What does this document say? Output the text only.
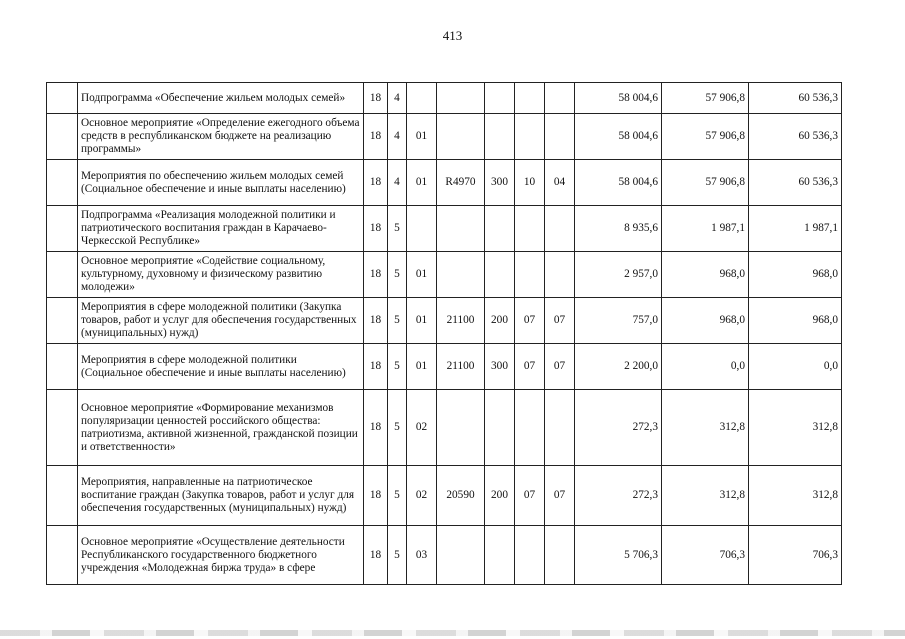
413
	Подпрограмма «Обеспечение жильем молодых семей»	18	4						58 004,6	57 906,8	60 536,3
	Основное мероприятие «Определение ежегодного объема средств в республиканском бюджете на реализацию программы»	18	4	01					58 004,6	57 906,8	60 536,3
	Мероприятия по обеспечению жильем молодых семей (Социальное обеспечение и иные выплаты населению)	18	4	01	R4970	300	10	04	58 004,6	57 906,8	60 536,3
	Подпрограмма «Реализация молодежной политики и патриотического воспитания граждан в Карачаево-Черкесской Республике»	18	5						8 935,6	1 987,1	1 987,1
	Основное мероприятие «Содействие социальному, культурному, духовному и физическому развитию молодежи»	18	5	01					2 957,0	968,0	968,0
	Мероприятия в сфере молодежной политики (Закупка товаров, работ и услуг для обеспечения государственных (муниципальных) нужд)	18	5	01	21100	200	07	07	757,0	968,0	968,0
	Мероприятия в сфере молодежной политики (Социальное обеспечение и иные выплаты населению)	18	5	01	21100	300	07	07	2 200,0	0,0	0,0
	Основное мероприятие «Формирование механизмов популяризации ценностей российского общества: патриотизма, активной жизненной, гражданской позиции и ответственности»	18	5	02					272,3	312,8	312,8
	Мероприятия, направленные на патриотическое воспитание граждан (Закупка товаров, работ и услуг для обеспечения государственных (муниципальных) нужд)	18	5	02	20590	200	07	07	272,3	312,8	312,8
	Основное мероприятие «Осуществление деятельности Республиканского государственного бюджетного учреждения «Молодежная биржа труда» в сфере	18	5	03					5 706,3	706,3	706,3
